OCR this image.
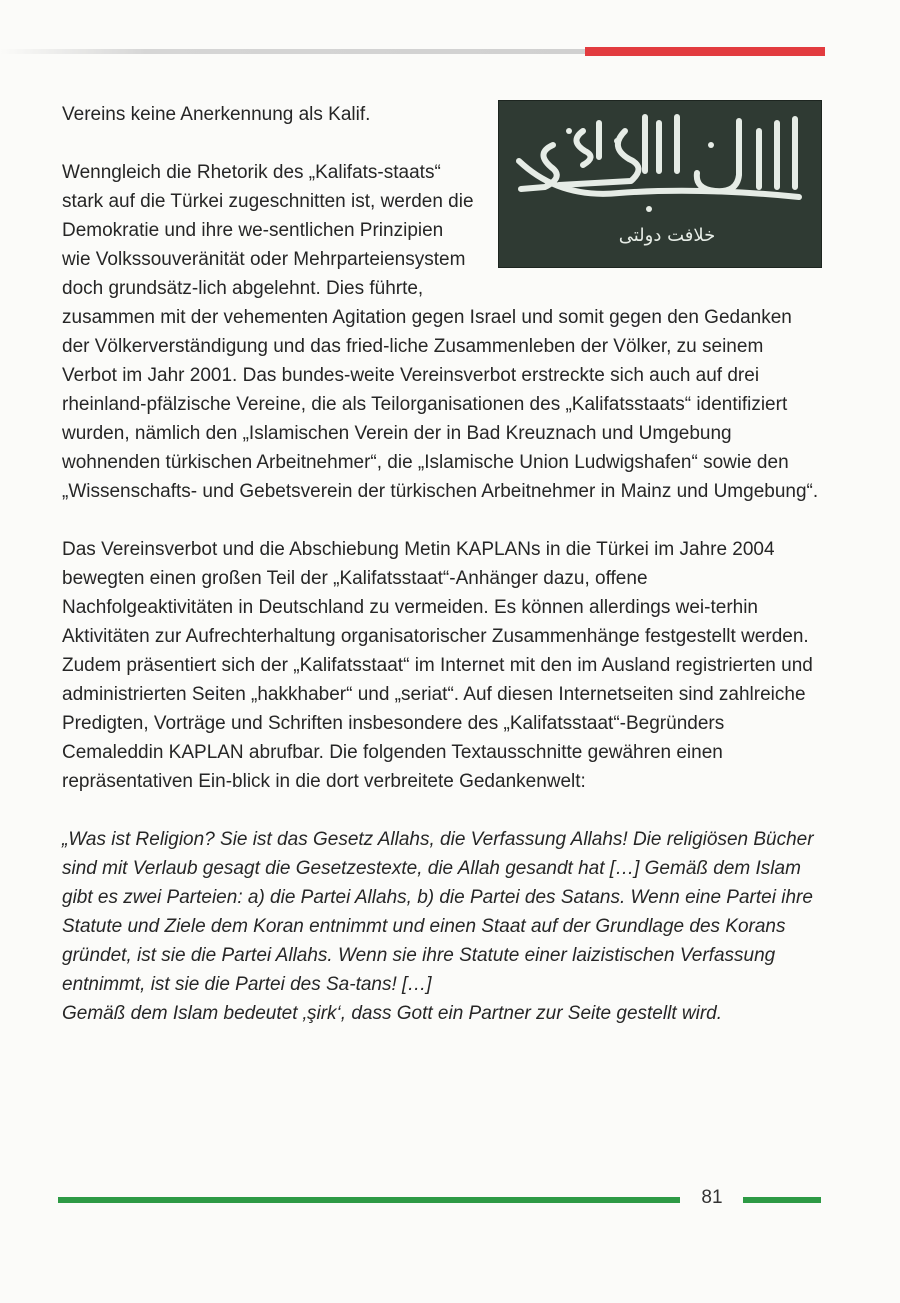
خلافت دولتی

Vereins keine Anerkennung als Kalif.

Wenngleich die Rhetorik des „Kalifats-staats“ stark auf die Türkei zugeschnitten ist, werden die Demokratie und ihre we-sentlichen Prinzipien wie Volkssouveränität oder Mehrparteiensystem doch grundsätz-lich abgelehnt. Dies führte, zusammen mit der vehementen Agitation gegen Israel und somit gegen den Gedanken der Völkerverständigung und das fried-liche Zusammenleben der Völker, zu seinem Verbot im Jahr 2001. Das bundes-weite Vereinsverbot erstreckte sich auch auf drei rheinland-pfälzische Vereine, die als Teilorganisationen des „Kalifatsstaats“ identifiziert wurden, nämlich den „Islamischen Verein der in Bad Kreuznach und Umgebung wohnenden türkischen Arbeitnehmer“, die „Islamische Union Ludwigshafen“ sowie den „Wissenschafts- und Gebetsverein der türkischen Arbeitnehmer in Mainz und Umgebung“.

Das Vereinsverbot und die Abschiebung Metin KAPLANs in die Türkei im Jahre 2004 bewegten einen großen Teil der „Kalifatsstaat“-Anhänger dazu, offene Nachfolgeaktivitäten in Deutschland zu vermeiden. Es können allerdings wei-terhin Aktivitäten zur Aufrechterhaltung organisatorischer Zusammenhänge festgestellt werden. Zudem präsentiert sich der „Kalifatsstaat“ im Internet mit den im Ausland registrierten und administrierten Seiten „hakkhaber“ und „seriat“. Auf diesen Internetseiten sind zahlreiche Predigten, Vorträge und Schriften insbesondere des „Kalifatsstaat“-Begründers Cemaleddin KAPLAN abrufbar. Die folgenden Textausschnitte gewähren einen repräsentativen Ein-blick in die dort verbreitete Gedankenwelt:

„Was ist Religion? Sie ist das Gesetz Allahs, die Verfassung Allahs! Die religiösen Bücher sind mit Verlaub gesagt die Gesetzestexte, die Allah gesandt hat […] Gemäß dem Islam gibt es zwei Parteien: a) die Partei Allahs, b) die Partei des Satans. Wenn eine Partei ihre Statute und Ziele dem Koran entnimmt und einen Staat auf der Grundlage des Korans gründet, ist sie die Partei Allahs. Wenn sie ihre Statute einer laizistischen Verfassung entnimmt, ist sie die Partei des Sa-tans! […]
Gemäß dem Islam bedeutet ‚şirk‘, dass Gott ein Partner zur Seite gestellt wird.

81
